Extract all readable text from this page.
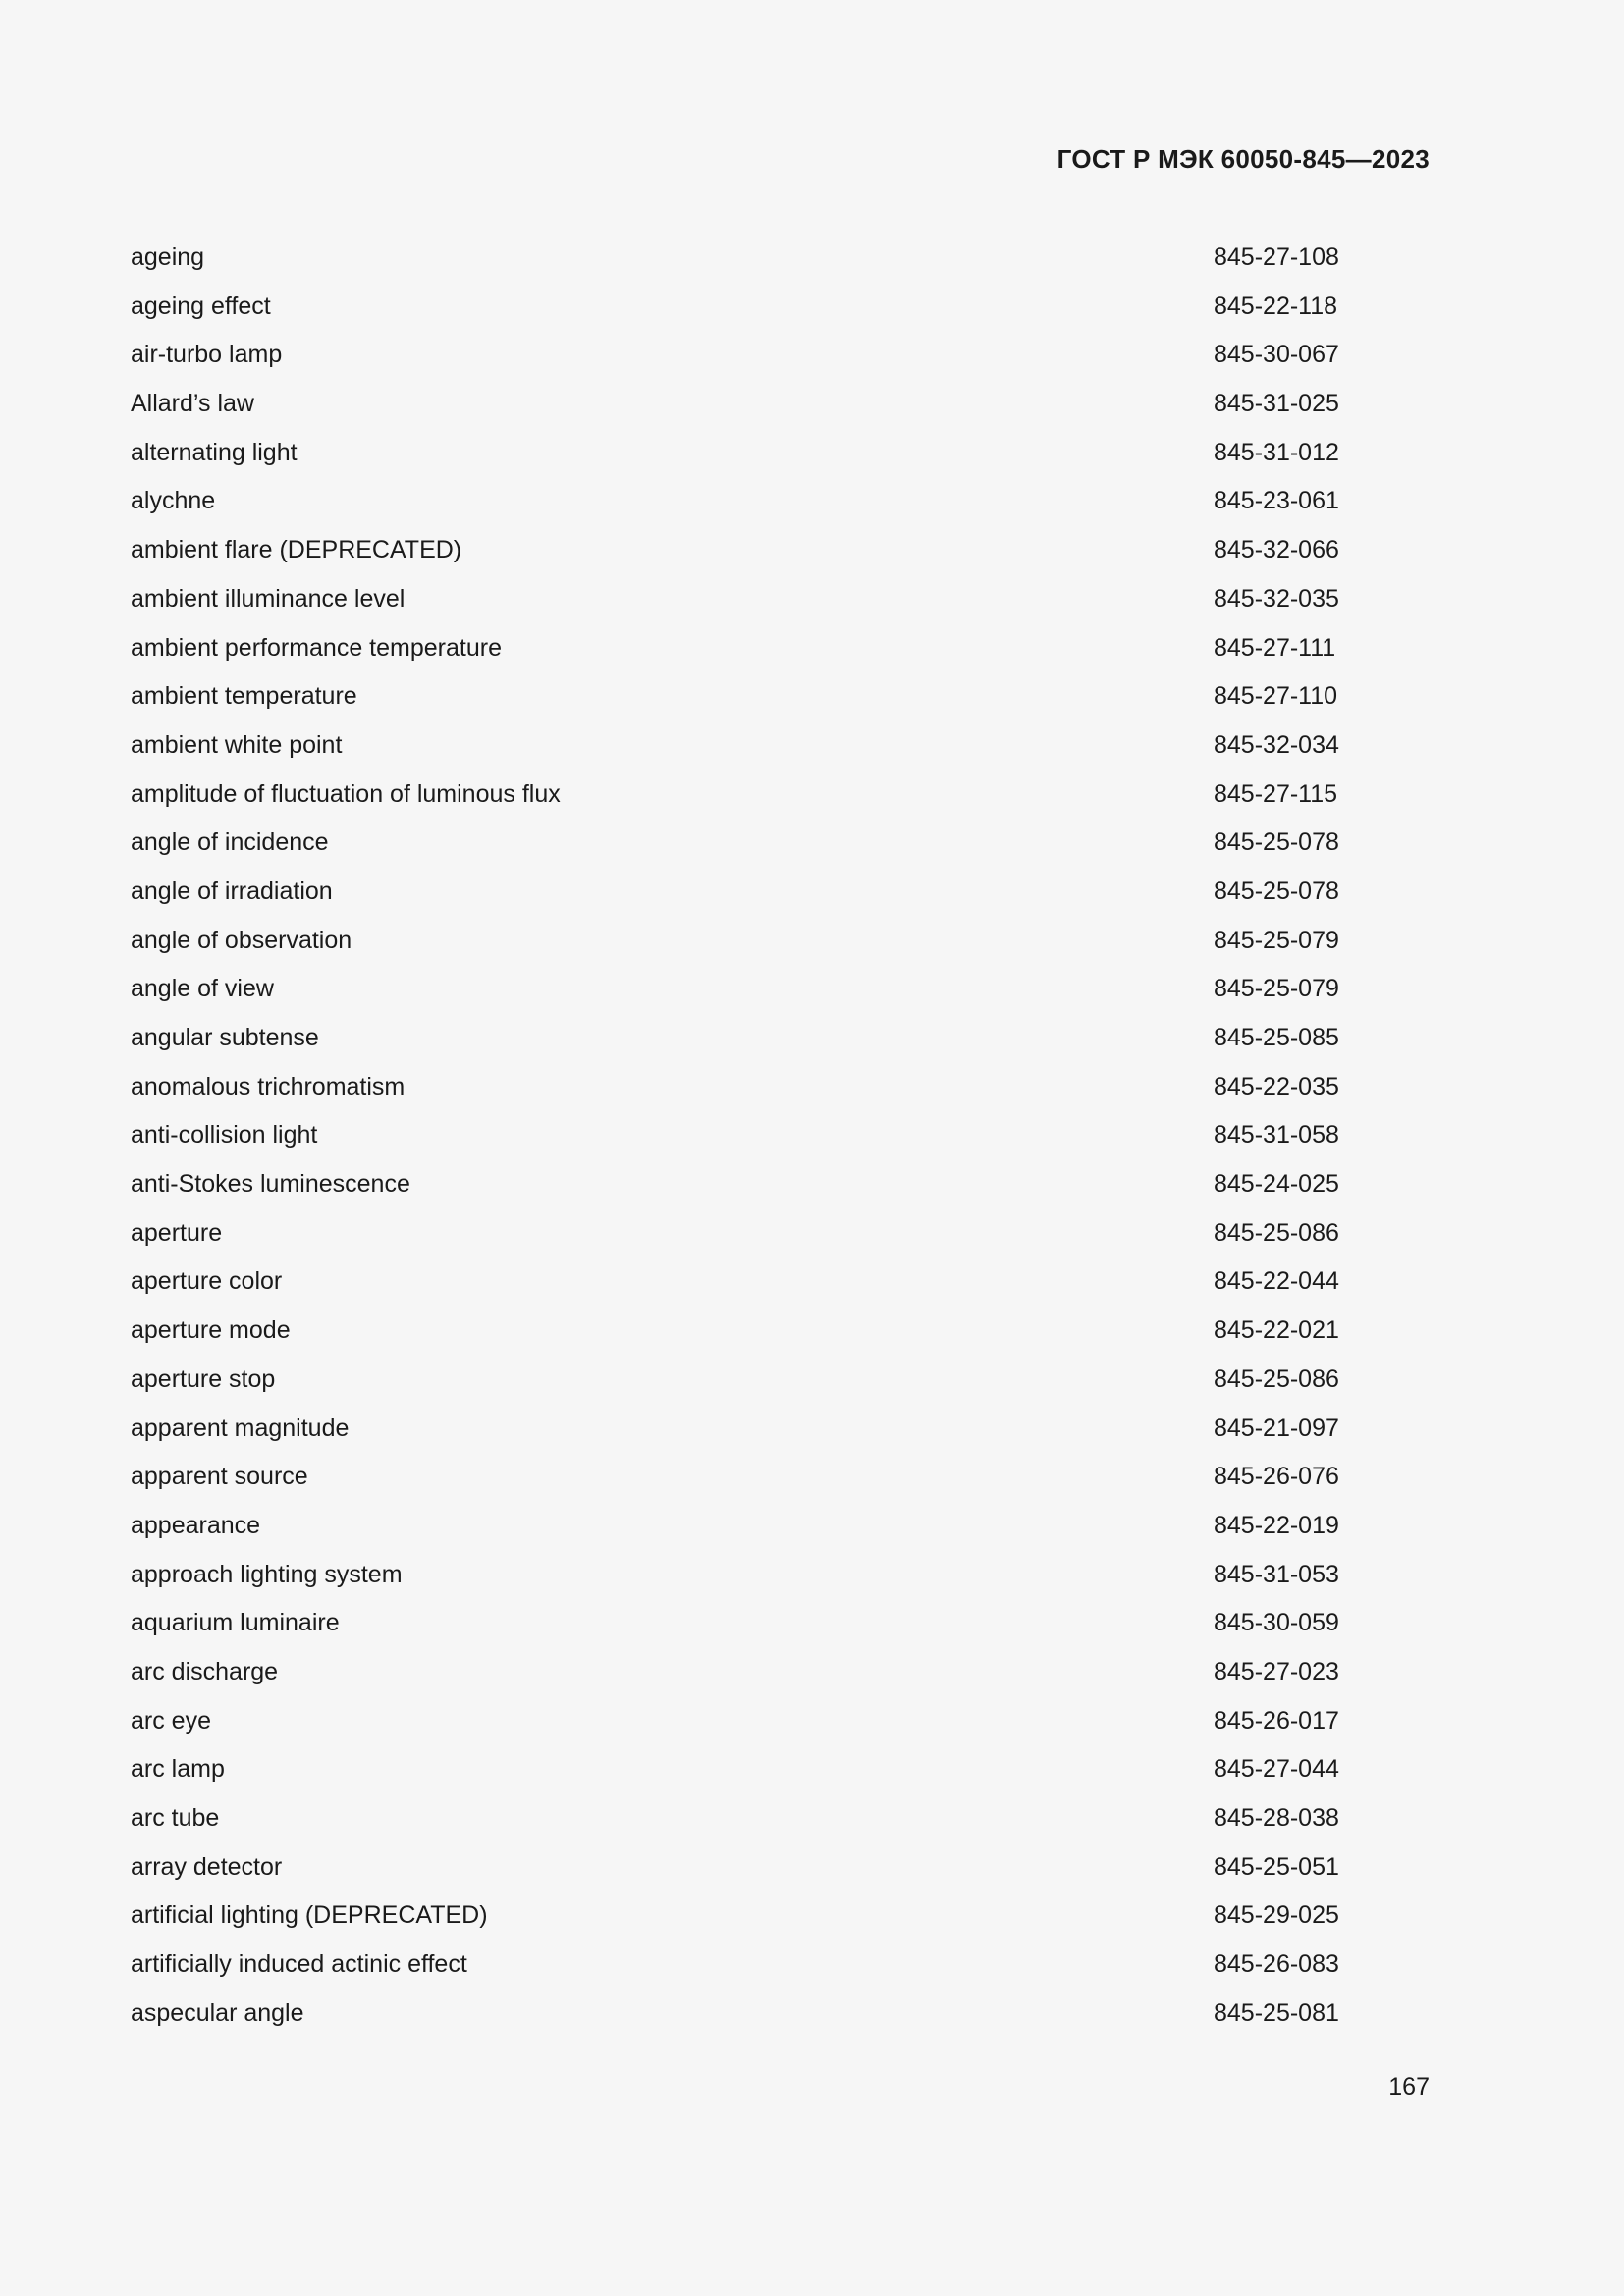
ГОСТ Р МЭК 60050-845—2023
ageing	845-27-108
ageing effect	845-22-118
air-turbo lamp	845-30-067
Allard’s law	845-31-025
alternating light	845-31-012
alychne	845-23-061
ambient flare (DEPRECATED)	845-32-066
ambient illuminance level	845-32-035
ambient performance temperature	845-27-111
ambient temperature	845-27-110
ambient white point	845-32-034
amplitude of fluctuation of luminous flux	845-27-115
angle of incidence	845-25-078
angle of irradiation	845-25-078
angle of observation	845-25-079
angle of view	845-25-079
angular subtense	845-25-085
anomalous trichromatism	845-22-035
anti-collision light	845-31-058
anti-Stokes luminescence	845-24-025
aperture	845-25-086
aperture color	845-22-044
aperture mode	845-22-021
aperture stop	845-25-086
apparent magnitude	845-21-097
apparent source	845-26-076
appearance	845-22-019
approach lighting system	845-31-053
aquarium luminaire	845-30-059
arc discharge	845-27-023
arc eye	845-26-017
arc lamp	845-27-044
arc tube	845-28-038
array detector	845-25-051
artificial lighting (DEPRECATED)	845-29-025
artificially induced actinic effect	845-26-083
aspecular angle	845-25-081
167
